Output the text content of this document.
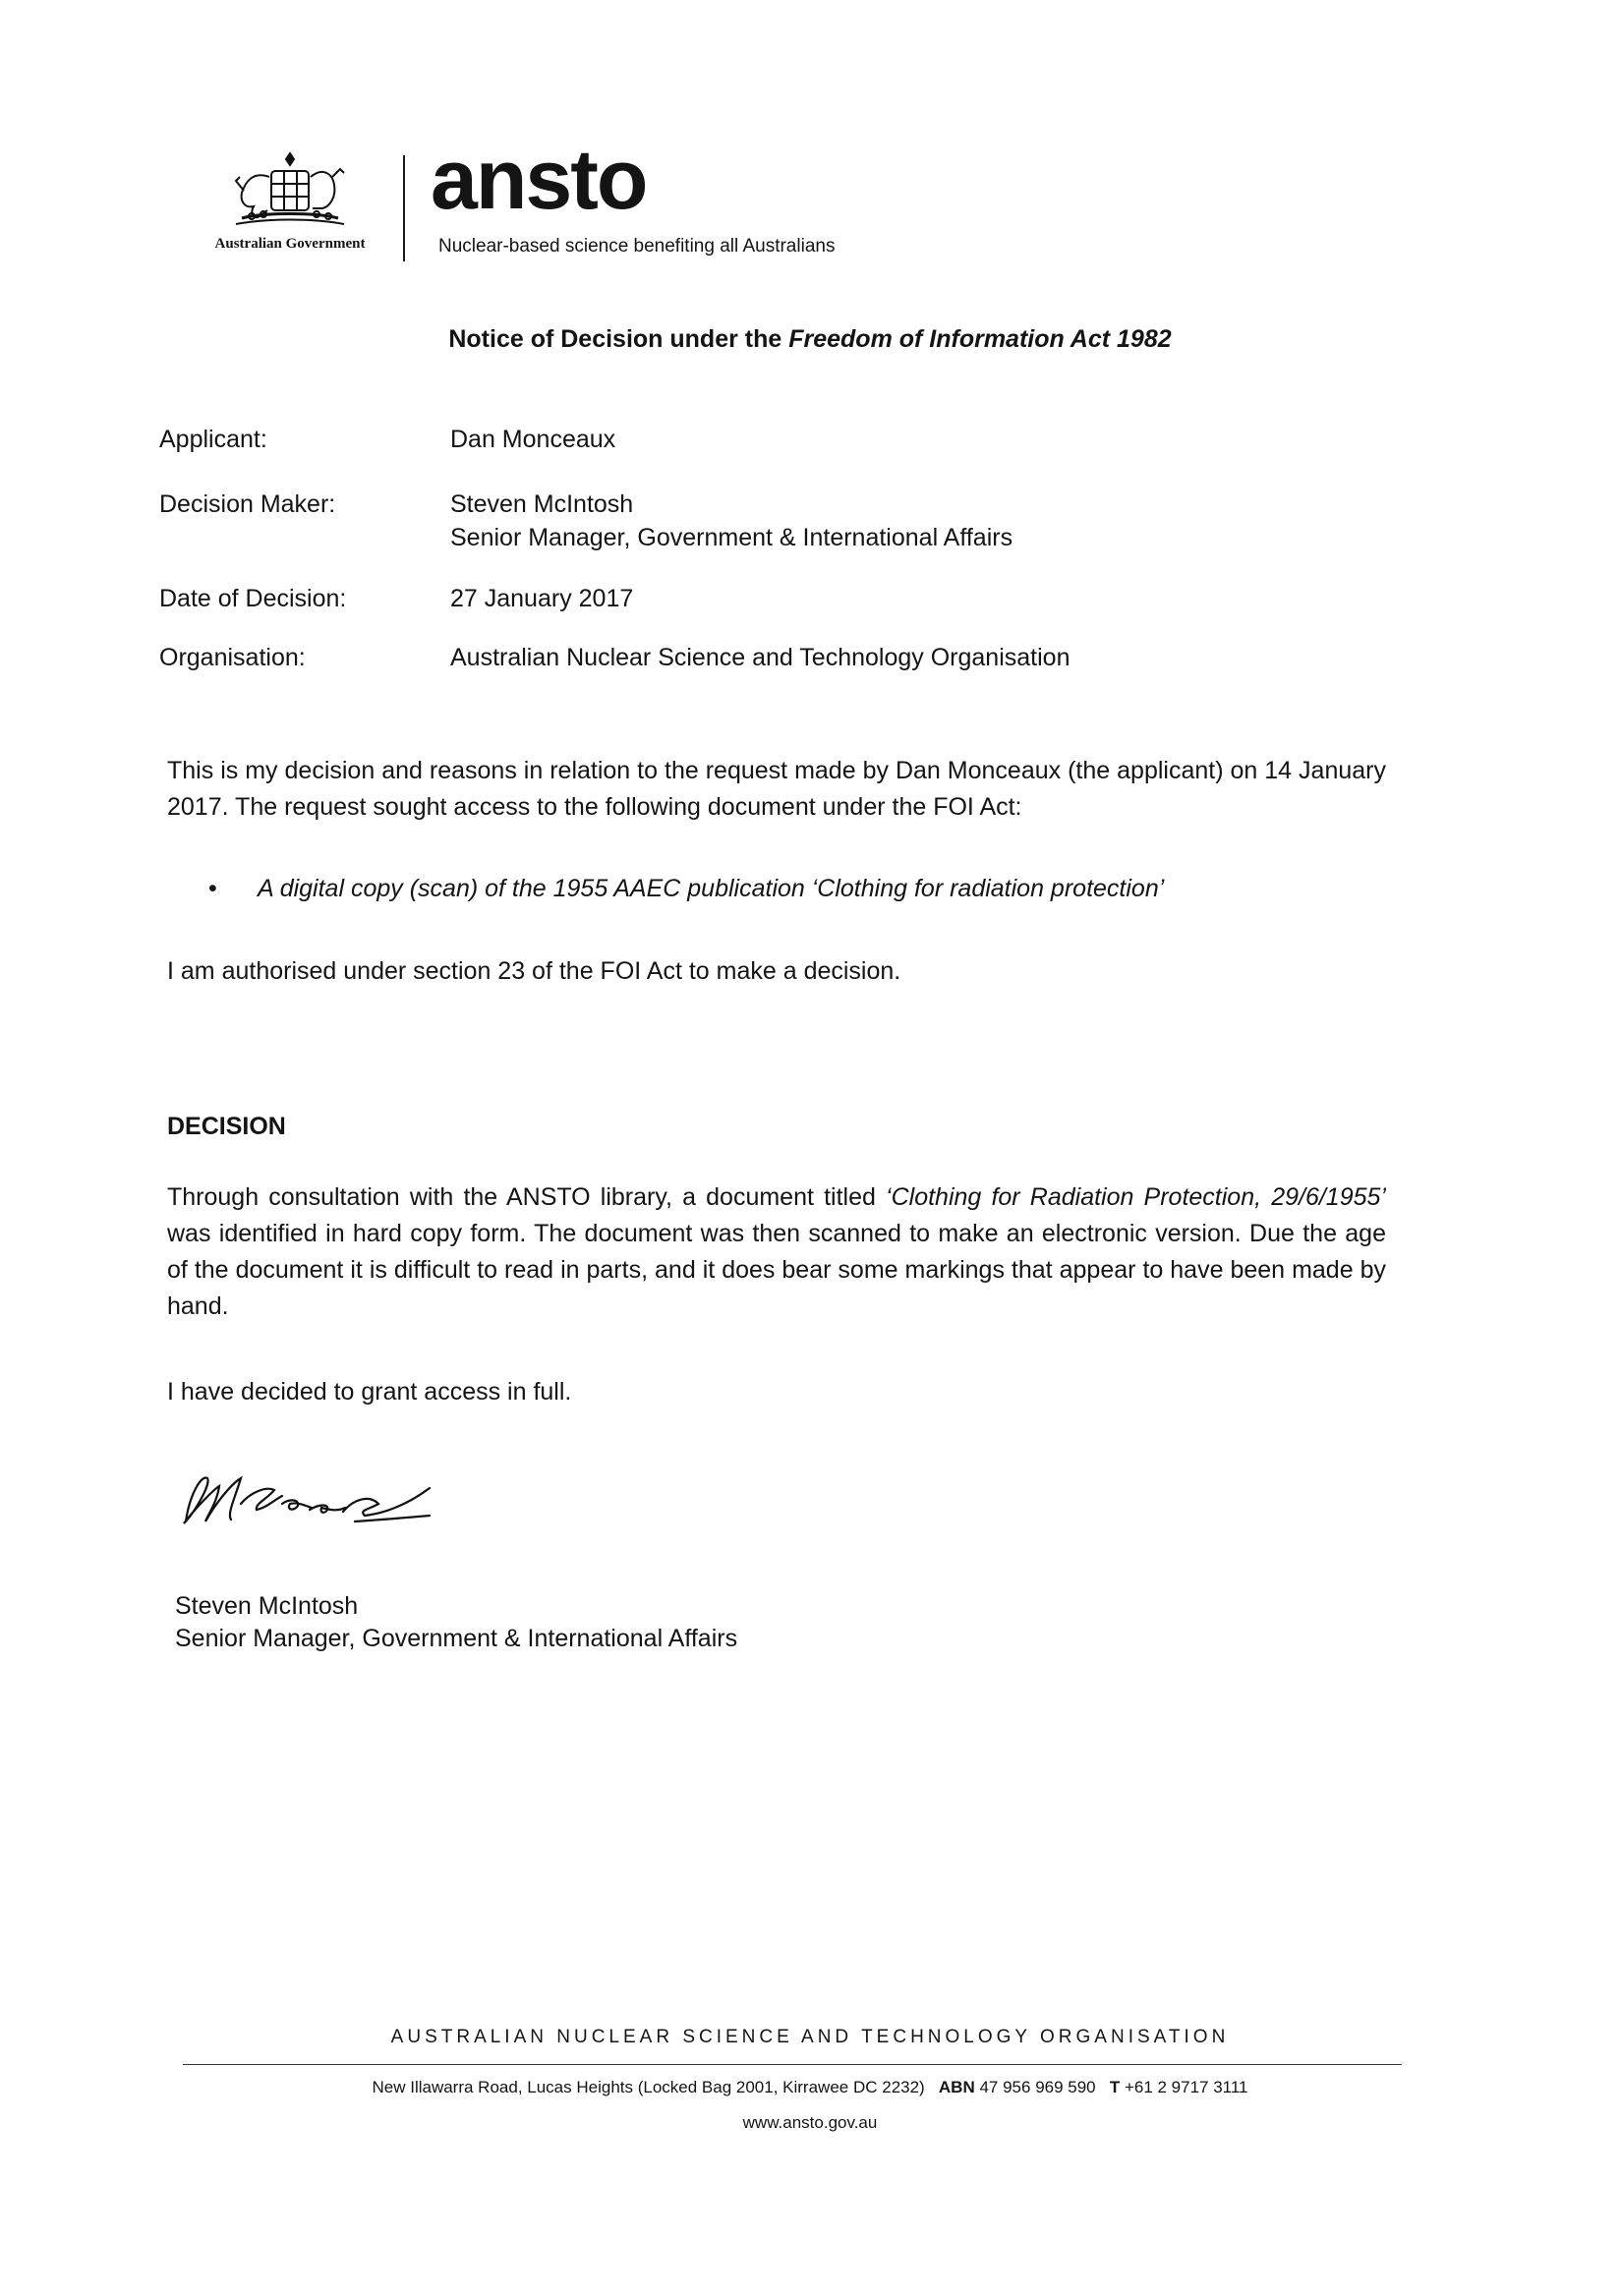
Australian Government
ansto
Nuclear-based science benefiting all Australians
Notice of Decision under the Freedom of Information Act 1982
Applicant:	Dan Monceaux
Decision Maker:	Steven McIntosh
Senior Manager, Government & International Affairs
Date of Decision:	27 January 2017
Organisation:	Australian Nuclear Science and Technology Organisation
This is my decision and reasons in relation to the request made by Dan Monceaux (the applicant) on 14 January 2017. The request sought access to the following document under the FOI Act:
• A digital copy (scan) of the 1955 AAEC publication ‘Clothing for radiation protection’
I am authorised under section 23 of the FOI Act to make a decision.
DECISION
Through consultation with the ANSTO library, a document titled ‘Clothing for Radiation Protection, 29/6/1955’ was identified in hard copy form. The document was then scanned to make an electronic version. Due the age of the document it is difficult to read in parts, and it does bear some markings that appear to have been made by hand.
I have decided to grant access in full.
Steven McIntosh
Senior Manager, Government & International Affairs
AUSTRALIAN NUCLEAR SCIENCE AND TECHNOLOGY ORGANISATION
New Illawarra Road, Lucas Heights (Locked Bag 2001, Kirrawee DC 2232) ABN 47 956 969 590 T +61 2 9717 3111
www.ansto.gov.au
